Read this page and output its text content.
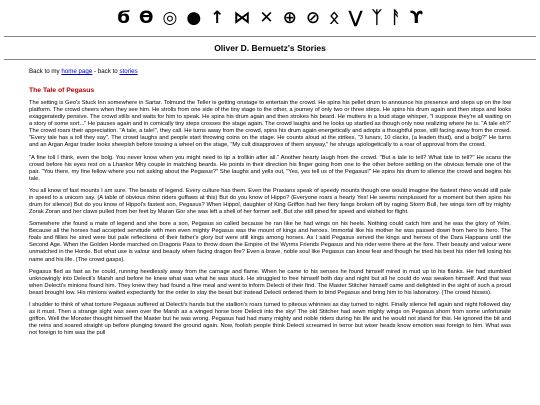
Ϭ Ɵ ◎ ● ↑ ⋈ ✕ ⊕ ⊘ ᛟ ⋁ ᛉ ᚨ ϒ
Oliver D. Bernuetz's Stories
Back to my home page - back to stories
The Tale of Pegasus

The setting is Geo's Stuck Inn somewhere in Sartar. Tolmund the Teller is getting onstage to entertain the crowd. He spins his pellet drum to announce his presence and steps up on the low platform. The crowd cheers when they see him. He strolls from one side of the tiny stage to the other, a journey of only two or three steps. He spins his drum again and then stops and looks exaggeratedly pensive. The crowd stills and waits for him to speak. He spins his drum again and then strokes his beard. He mutters in a loud stage whisper, "I suppose they're all waiting on a story of some sort..." He pauses again and in comically tiny steps crosses the stage again. The crowd laughs and he looks up startled as though only now realizing where he is. "A tale eh?" The crowd roars their appreciation. "A tale, a tale!", they call. He turns away from the crowd, spins his drum again energetically and adopts a thoughtful pose, still facing away from the crowd. "Every tale has a toll they say". The crowd laughs and people start throwing coins on the stage. He counts aloud at the strikes, "3 lunars, 10 clacks, (a leaden thud), and a bolg?" He turns and an Argan Argar trader looks sheepish before tossing a wheel on the stage, "My cult disapproves of them anyway," he shrugs apologetically to a roar of approval from the crowd.

"A fine toll I think, even the bolg. You never know when you might need to tip a trollkin after all." Another hearty laugh from the crowd. "But a tale to tell? What tale to tell?" He scans the crowd before his eyes rest on a Lhankor Mhy couple in matching beards. He points in their direction his finger going from one to the other before settling on the obvious female one of the pair. "You there, my fine fellow where you not asking about the Pegasus?" She laughs and yells out, "Yes, yes tell us of the Pegasus!" He spins his drum to silence the crowd and begins his tale.

You all know of fast mounts I am sure. The beasts of legend. Every culture has them. Even the Praxians speak of speedy mounts though one would imagine the fastest rhino would still pale in speed to a unicorn say. (A table of obvious rhino riders guffaws at this) But do you know of Hippo? (Everyone roars a hearty Yes! He seems nonplussed for a moment but then spins his drum for silence) But do you know of Hippol's fastest son, Pegasus? When Hippol, daughter of King Griffon had her fiery fangs broken off by raging Storm Bull, her wings torn off by mighty Zorak Zoran and her claws pulled from her feet by Maran Gor she was left a shell of her former self. But she still pined for speed and wished for flight.

Somewhere she found a mate of legend and she bore a son, Pegasus so called because he ran like he had wings on his heels. Nothing could catch him and he was the glory of Yelm. Because all the horses had accepted servitude with men even mighty Pegasus was the mount of kings and heroes. Immortal like his mother he was passed down from hero to hero. The foals and fillies he sired were but pale reflections of their father's glory but were still kings among horses. As I said Pegasus served the kings and heroes of the Dara Happans until the Second Age. When the Golden Horde marched on Dragons Pass to throw down the Empire of the Wyrms Friends Pegasus and his rider were there at the fore. Their beauty and valour were unmatched in the Horde. But what use is valour and beauty when facing dragon fire? Even a brave, noble soul like Pegasus can know fear and though he tried his best his rider fell losing his name and his life. (The crowd gasps).

Pegasus fled as fast as he could, running heedlessly away from the carnage and flame. When he came to his senses he found himself mired in mud up to his flanks. He had stumbled unknowingly into Delecti's Marsh and before he knew what was what he was stuck. He struggled to free himself both day and night but all he could do was weaken himself. And that was when Delecti's minions found him. They knew they had found a fine meal and went to inform Delecti of their find. The Master Stitcher himself came and delighted in the sight of such a proud beast brought low. His minions waited expectantly for the order to slay the beast but instead Delecti ordered them to bind Pegasus and bring him to his laboratory. (The crowd hisses).

I shudder to think of what torture Pegasus suffered at Delecti's hands but the stallion's roars turned to piteous whinnies as day turned to night. Finally silence fell again and night followed day as it must. Then a strange sight was seen over the Marsh as a winged horse bore Delecti into the sky! The old Stitcher had sewn mighty wings on Pegasus shorn from some unfortunate griffon. Well the Monster thought himself the Master but he was wrong. Pegasus had had many mighty and noble riders during his life and he would not stand for this. He ignored the bit and the reins and soared straight up before plunging toward the ground again. Now, foolish people think Delecti screamed in terror but wiser heads know emotion was foreign to him. What was not foreign to him was the pull
